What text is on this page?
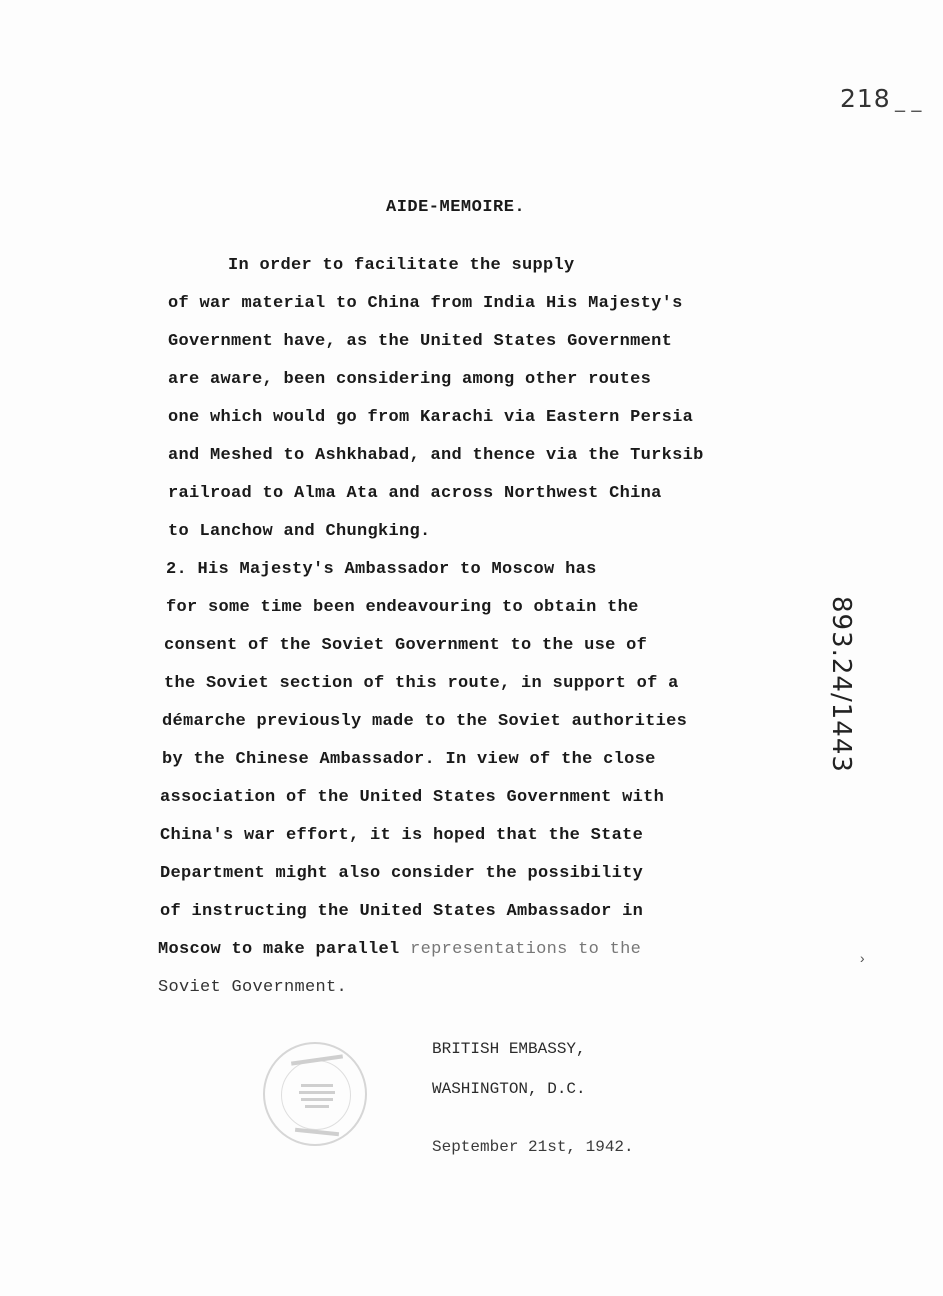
218 _ _
AIDE-MEMOIRE.
In order to facilitate the supply
of war material to China from India His Majesty's
Government have, as the United States Government
are aware, been considering among other routes
one which would go from Karachi via Eastern Persia
and Meshed to Ashkhabad, and thence via the Turksib
railroad to Alma Ata and across Northwest China
to Lanchow and Chungking.
2. His Majesty's Ambassador to Moscow has
for some time been endeavouring to obtain the
consent of the Soviet Government to the use of
the Soviet section of this route, in support of a
démarche previously made to the Soviet authorities
by the Chinese Ambassador. In view of the close
association of the United States Government with
China's war effort, it is hoped that the State
Department might also consider the possibility
of instructing the United States Ambassador in
Moscow to make parallel representations to the
Soviet Government.
BRITISH EMBASSY,
WASHINGTON, D.C.
September 21st, 1942.
893.24/1443
›
